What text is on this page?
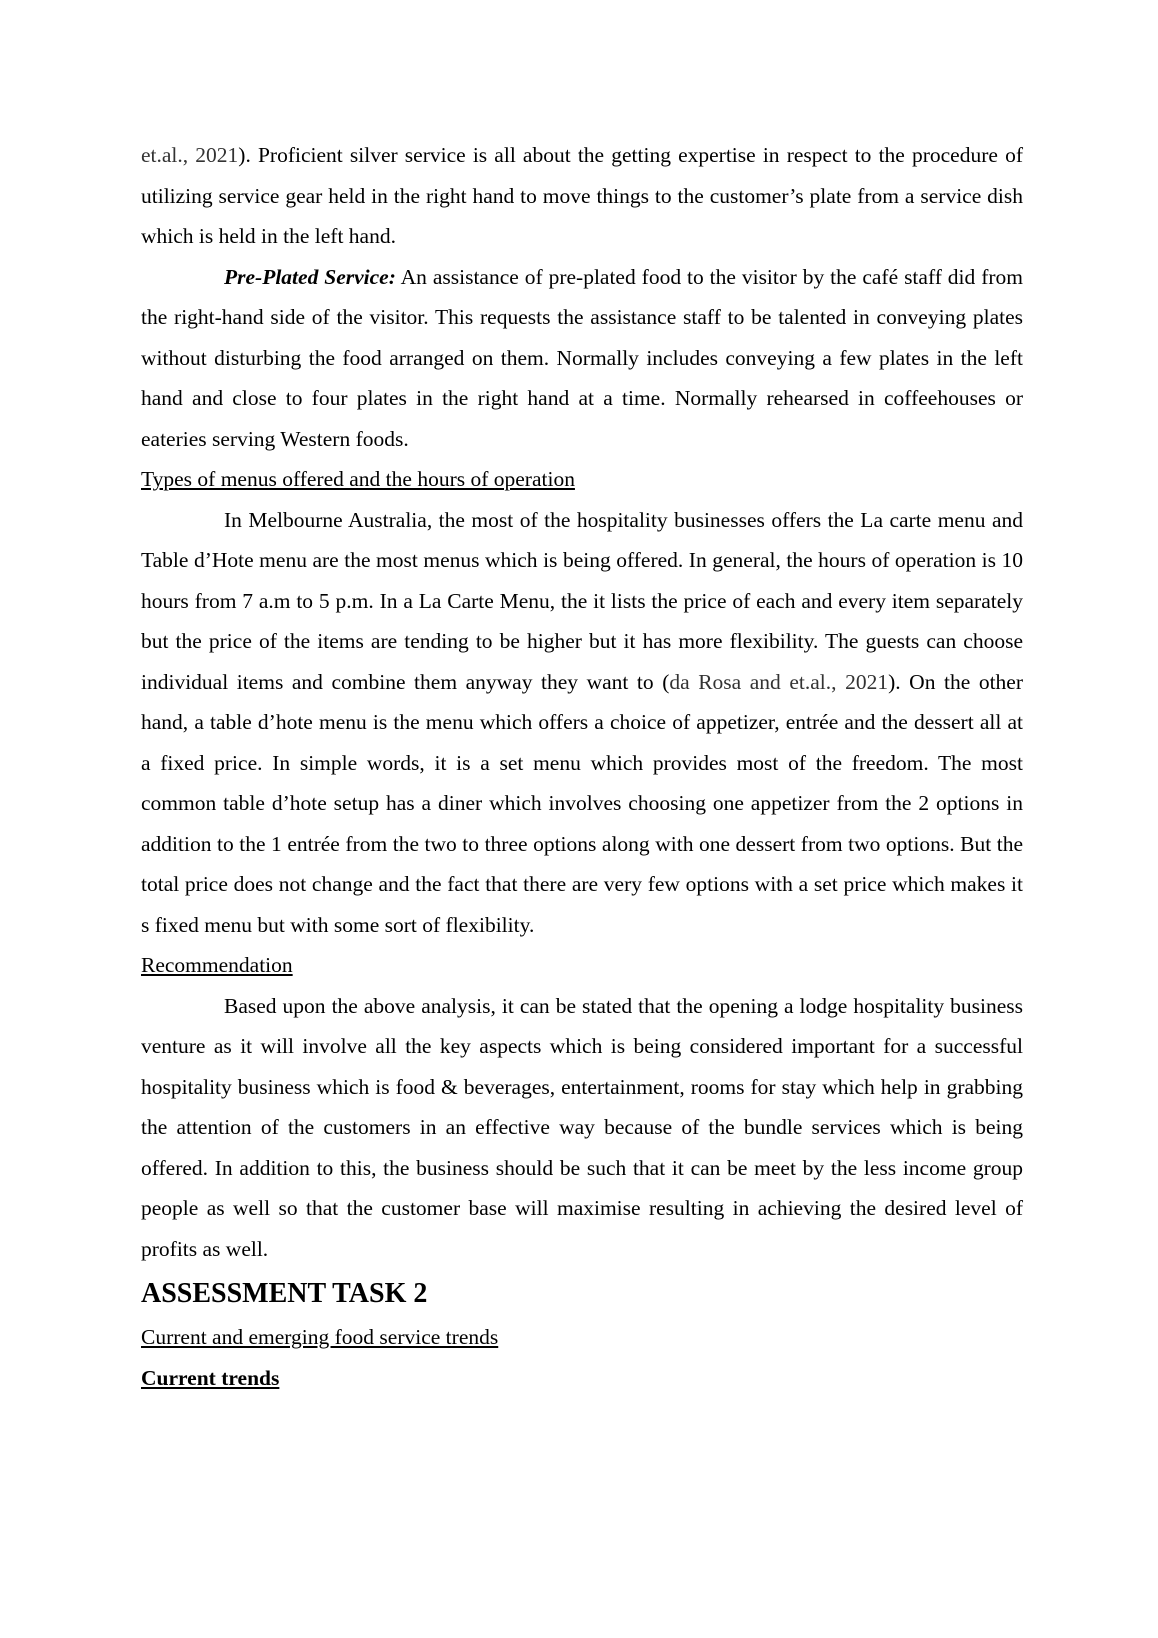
et.al., 2021). Proficient silver service is all about the getting expertise in respect to the procedure of utilizing service gear held in the right hand to move things to the customer’s plate from a service dish which is held in the left hand.

Pre-Plated Service: An assistance of pre-plated food to the visitor by the café staff did from the right-hand side of the visitor. This requests the assistance staff to be talented in conveying plates without disturbing the food arranged on them. Normally includes conveying a few plates in the left hand and close to four plates in the right hand at a time. Normally rehearsed in coffeehouses or eateries serving Western foods.

Types of menus offered and the hours of operation

In Melbourne Australia, the most of the hospitality businesses offers the La carte menu and Table d’Hote menu are the most menus which is being offered. In general, the hours of operation is 10 hours from 7 a.m to 5 p.m. In a La Carte Menu, the it lists the price of each and every item separately but the price of the items are tending to be higher but it has more flexibility. The guests can choose individual items and combine them anyway they want to (da Rosa and et.al., 2021). On the other hand, a table d’hote menu is the menu which offers a choice of appetizer, entrée and the dessert all at a fixed price. In simple words, it is a set menu which provides most of the freedom. The most common table d’hote setup has a diner which involves choosing one appetizer from the 2 options in addition to the 1 entrée from the two to three options along with one dessert from two options. But the total price does not change and the fact that there are very few options with a set price which makes it s fixed menu but with some sort of flexibility.

Recommendation

Based upon the above analysis, it can be stated that the opening a lodge hospitality business venture as it will involve all the key aspects which is being considered important for a successful hospitality business which is food & beverages, entertainment, rooms for stay which help in grabbing the attention of the customers in an effective way because of the bundle services which is being offered. In addition to this, the business should be such that it can be meet by the less income group people as well so that the customer base will maximise resulting in achieving the desired level of profits as well.

ASSESSMENT TASK 2
Current and emerging food service trends
Current trends
